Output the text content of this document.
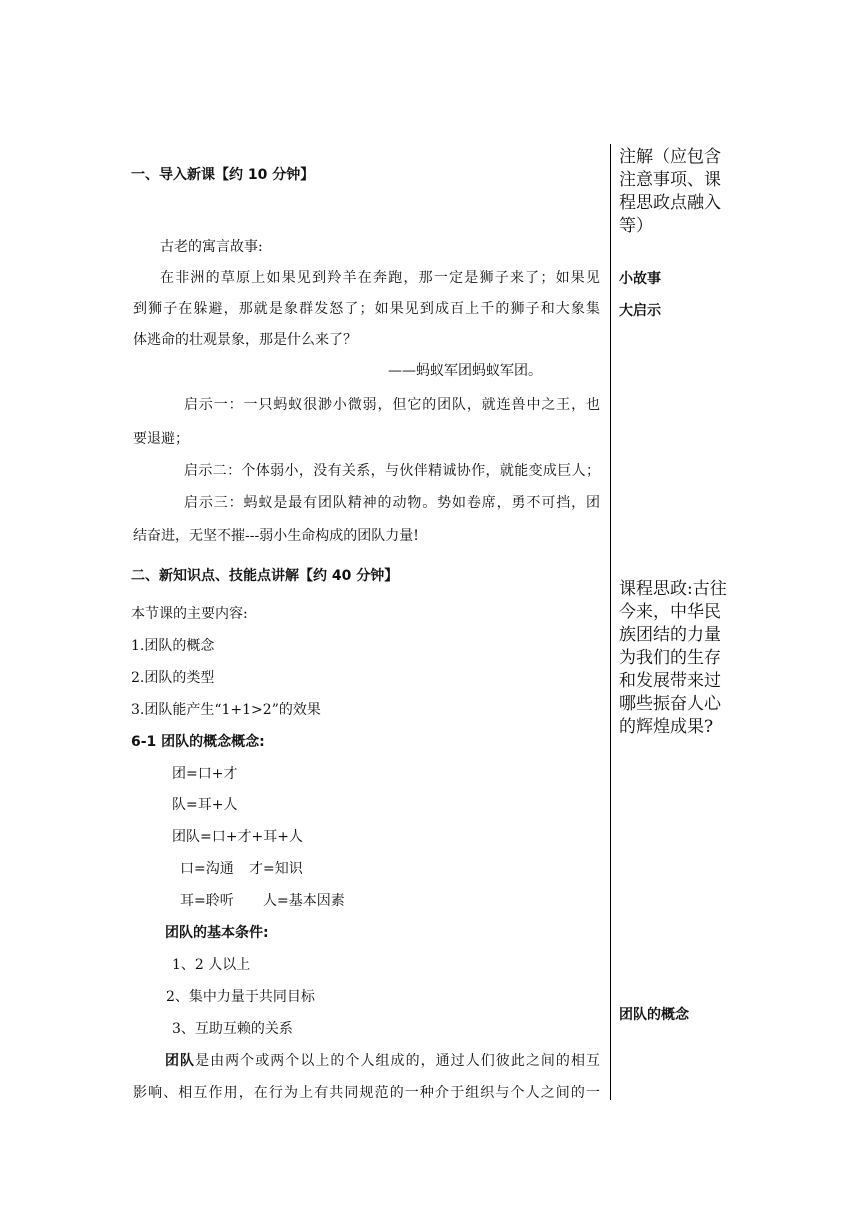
一、导入新课【约 10 分钟】
古老的寓言故事:
在非洲的草原上如果见到羚羊在奔跑，那一定是狮子来了；如果见
到狮子在躲避，那就是象群发怒了；如果见到成百上千的狮子和大象集
体逃命的壮观景象，那是什么来了？
——蚂蚁军团蚂蚁军团。
启示一：一只蚂蚁很渺小微弱，但它的团队，就连兽中之王，也
要退避；
启示二：个体弱小，没有关系，与伙伴精诚协作，就能变成巨人；
启示三：蚂蚁是最有团队精神的动物。势如卷席，勇不可挡，团
结奋进，无坚不摧---弱小生命构成的团队力量!
二、新知识点、技能点讲解【约 40 分钟】
本节课的主要内容:
1.团队的概念
2.团队的类型
3.团队能产生“1+1>2”的效果
6-1 团队的概念概念:
团=口+才
队=耳+人
团队=口+才+耳+人
口=沟通 才=知识
耳=聆听 人=基本因素
团队的基本条件:
1、2 人以上
2、集中力量于共同目标
3、互助互赖的关系
团队是由两个或两个以上的个人组成的，通过人们彼此之间的相互
影响、相互作用，在行为上有共同规范的一种介于组织与个人之间的一
注解（应包含注意事项、课程思政点融入等）
小故事
大启示
课程思政:古往今来，中华民族团结的力量为我们的生存和发展带来过哪些振奋人心的辉煌成果?
团队的概念
